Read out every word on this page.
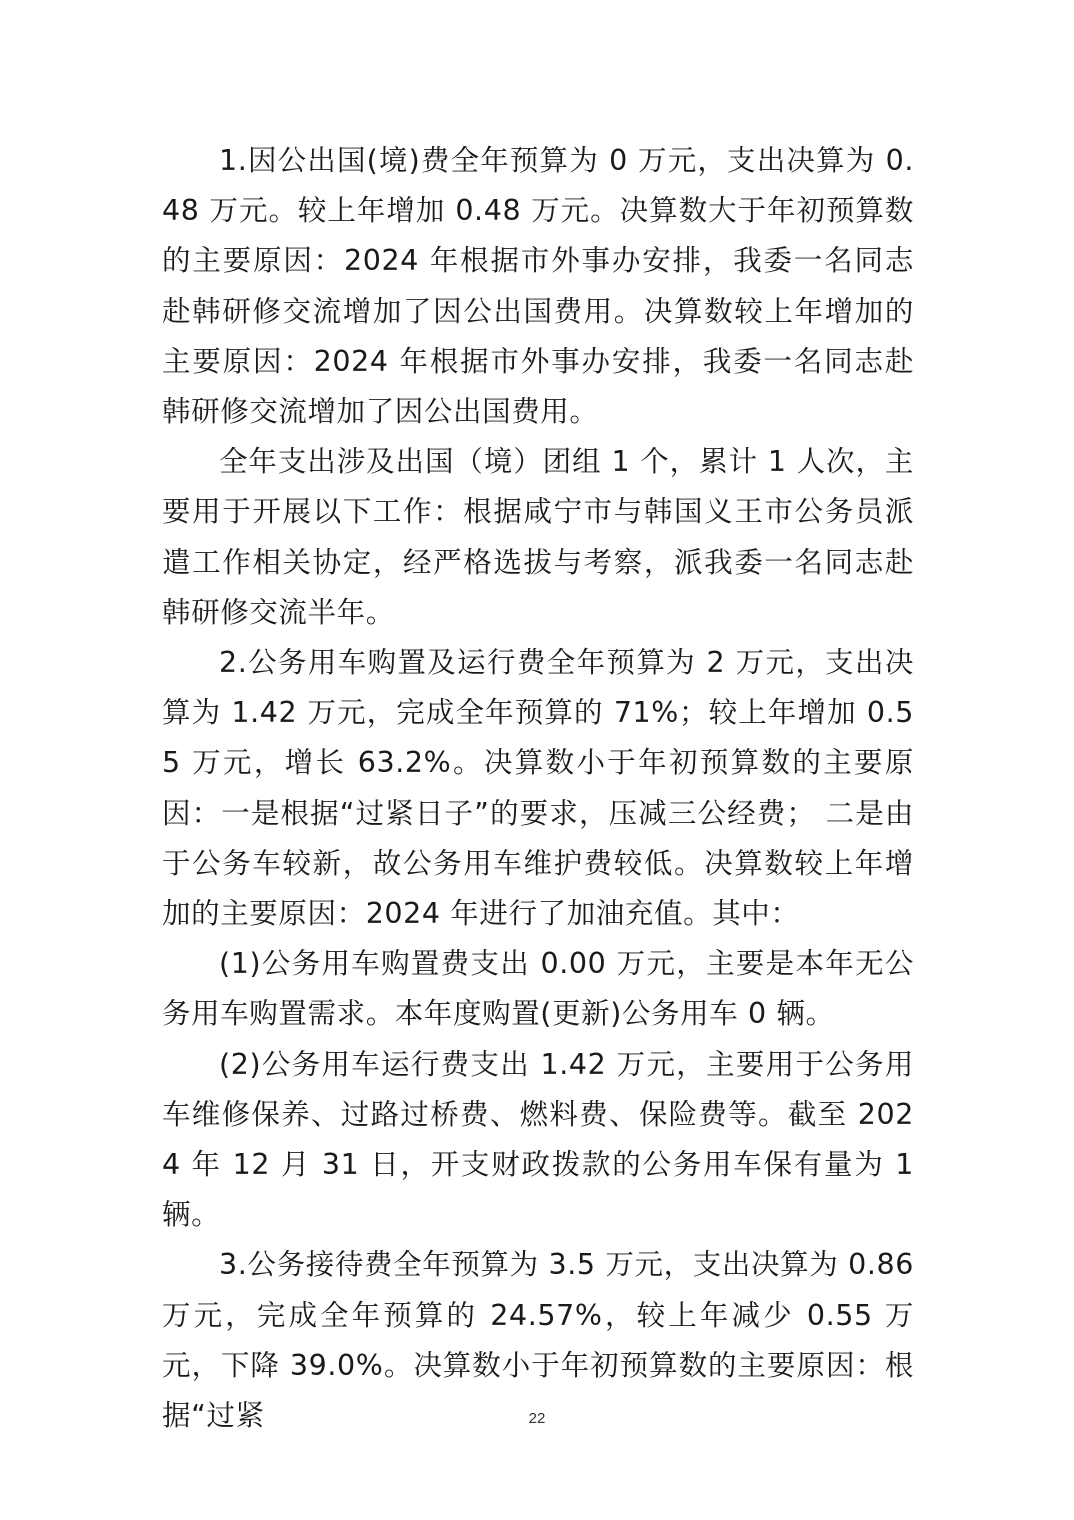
1.因公出国(境)费全年预算为 0 万元，支出决算为 0.48 万元。较上年增加 0.48 万元。决算数大于年初预算数的主要原因：2024 年根据市外事办安排，我委一名同志赴韩研修交流增加了因公出国费用。决算数较上年增加的主要原因：2024 年根据市外事办安排，我委一名同志赴韩研修交流增加了因公出国费用。

全年支出涉及出国（境）团组 1 个，累计 1 人次，主要用于开展以下工作：根据咸宁市与韩国义王市公务员派遣工作相关协定，经严格选拔与考察，派我委一名同志赴韩研修交流半年。

2.公务用车购置及运行费全年预算为 2 万元，支出决算为 1.42 万元，完成全年预算的 71%；较上年增加 0.55 万元，增长 63.2%。决算数小于年初预算数的主要原因：一是根据“过紧日子”的要求，压减三公经费； 二是由于公务车较新，故公务用车维护费较低。决算数较上年增加的主要原因：2024 年进行了加油充值。其中：

(1)公务用车购置费支出 0.00 万元，主要是本年无公务用车购置需求。本年度购置(更新)公务用车 0 辆。

(2)公务用车运行费支出 1.42 万元，主要用于公务用车维修保养、过路过桥费、燃料费、保险费等。截至 2024 年 12 月 31 日，开支财政拨款的公务用车保有量为 1 辆。

3.公务接待费全年预算为 3.5 万元，支出决算为 0.86 万元，完成全年预算的 24.57%，较上年减少 0.55 万元，下降 39.0%。决算数小于年初预算数的主要原因：根据“过紧	22
